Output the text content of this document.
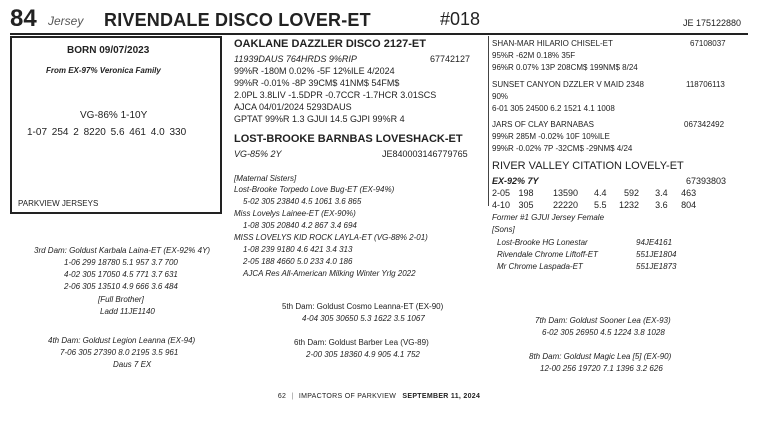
84 Jersey RIVENDALE DISCO LOVER-ET	#018	JE 175122880
BORN 09/07/2023
From EX-97% Veronica Family
VG-86% 1-10Y
1-07 254 2 8220 5.6 461 4.0 330
PARKVIEW JERSEYS
OAKLANE DAZZLER DISCO 2127-ET
11939DAUS 764HRDS 9%RIP	67742127
99%R -180M 0.02% -5F 12%ILE 4/2024
99%R -0.01% -8P 39CM$ 41NM$ 54FM$
2.0PL 3.8LIV -1.5DPR -0.7CCR -1.7HCR 3.01SCS
AJCA 04/01/2024 5293DAUS
GPTAT 99%R 1.3 GJUI 14.5 GJPI 99%R 4
LOST-BROOKE BARNBAS LOVESHACK-ET
VG-85% 2Y	JE840003146779765
[Maternal Sisters]
Lost-Brooke Torpedo Love Bug-ET (EX-94%)
5-02 305 23840 4.5 1061 3.6 865
Miss Lovelys Lainee-ET (EX-90%)
1-08 305 20840 4.2 867 3.4 694
MISS LOVELYS KID ROCK LAYLA-ET (VG-88% 2-01)
1-08 239 9180 4.6 421 3.4 313
2-05 188 4660 5.0 233 4.0 186
AJCA Res All-American Milking Winter Yrlg 2022
SHAN-MAR HILARIO CHISEL-ET	67108037
95%R -62M 0.18% 35F
96%R 0.07% 13P 208CM$ 199NM$ 8/24
SUNSET CANYON DZZLER V MAID 2348	118706113
90%
6-01 305 24500 6.2 1521 4.1 1008
JARS OF CLAY BARNABAS	067342492
99%R 285M -0.02% 10F 10%ILE
99%R -0.02% 7P -32CM$ -29NM$ 4/24
RIVER VALLEY CITATION LOVELY-ET
EX-92% 7Y	67393803
2-05 198 13590 4.4 592 3.4 463
4-10 305 22220 5.5 1232 3.6 804
Former #1 GJUI Jersey Female
[Sons]
Lost-Brooke HG Lonestar	94JE4161
Rivendale Chrome Liftoff-ET	551JE1804
Mr Chrome Laspada-ET	551JE1873
3rd Dam: Goldust Karbala Laina-ET (EX-92% 4Y)
1-06 299 18780 5.1 957 3.7 700
4-02 305 17050 4.5 771 3.7 631
2-06 305 13510 4.9 666 3.6 484
[Full Brother]
Ladd 11JE1140
4th Dam: Goldust Legion Leanna (EX-94)
7-06 305 27390 8.0 2195 3.5 961
Daus 7 EX
5th Dam: Goldust Cosmo Leanna-ET (EX-90)
4-04 305 30650 5.3 1622 3.5 1067
6th Dam: Goldust Barber Lea (VG-89)
2-00 305 18360 4.9 905 4.1 752
7th Dam: Goldust Sooner Lea (EX-93)
6-02 305 26950 4.5 1224 3.8 1028
8th Dam: Goldust Magic Lea [5] (EX-90)
12-00 256 19720 7.1 1396 3.2 626
62 | IMPACTORS OF PARKVIEW SEPTEMBER 11, 2024
